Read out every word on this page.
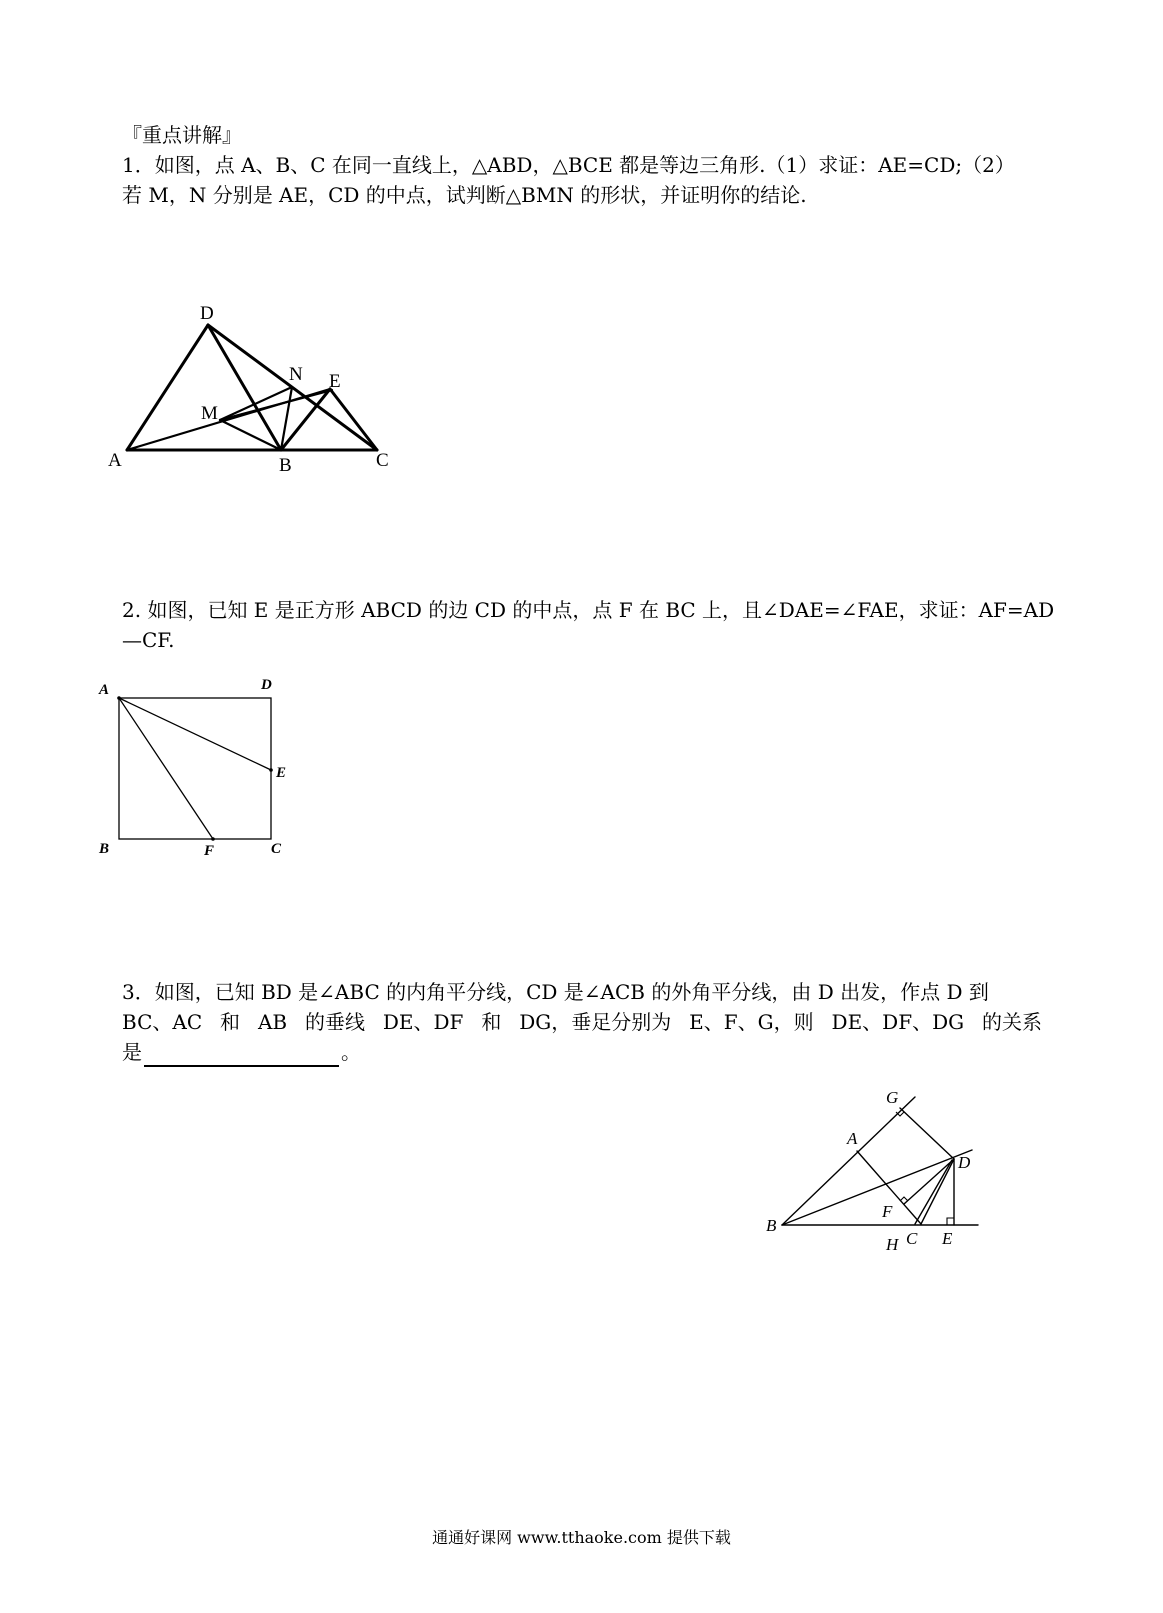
『重点讲解』
1．如图，点 A、B、C 在同一直线上，△ABD，△BCE 都是等边三角形.（1）求证：AE=CD;（2）
若 M，N 分别是 AE，CD 的中点，试判断△BMN 的形状，并证明你的结论.
D
N E
M
A	B	C
2. 如图，已知 E 是正方形 ABCD 的边 CD 的中点，点 F 在 BC 上，且∠DAE=∠FAE，求证：AF=AD
—CF.
A	D
E
B	F	C
3．如图，已知 BD 是∠ABC 的内角平分线，CD 是∠ACB 的外角平分线，由 D 出发，作点 D 到
BC、AC 和 AB 的垂线 DE、DF 和 DG，垂足分别为 E、F、G，则 DE、DF、DG 的关系
是	。
G
A
D
F
B
H C E
通通好课网 www.tthaoke.com 提供下载
